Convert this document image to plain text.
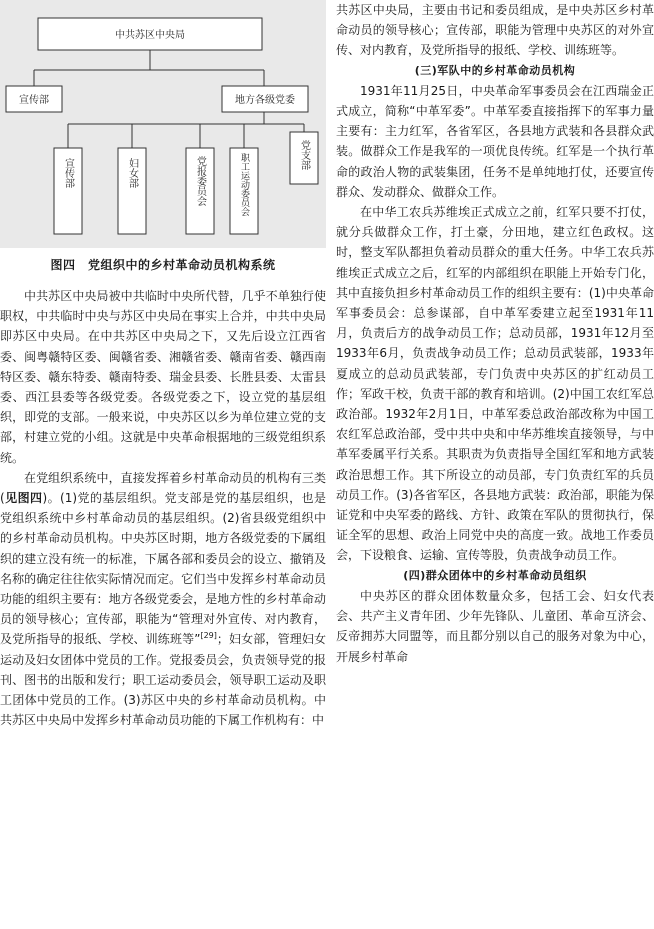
中共苏区中央局
宣传部	地方各级党委
宣传部	妇女部	党报委员会	职工运动委员会	党支部
图四　党组织中的乡村革命动员机构系统

中共苏区中央局被中共临时中央所代替，几乎不单独行使职权，中共临时中央与苏区中央局在事实上合并，中共中央局即苏区中央局。在中共苏区中央局之下，又先后设立江西省委、闽粤赣特区委、闽赣省委、湘赣省委、赣南省委、赣西南特区委、赣东特委、赣南特委、瑞金县委、长胜县委、太雷县委、西江县委等各级党委。各级党委之下，设立党的基层组织，即党的支部。一般来说，中央苏区以乡为单位建立党的支部，村建立党的小组。这就是中央革命根据地的三级党组织系统。

在党组织系统中，直接发挥着乡村革命动员的机构有三类(见图四)。(1)党的基层组织。党支部是党的基层组织，也是党组织系统中乡村革命动员的基层组织。(2)省县级党组织中的乡村革命动员机构。中央苏区时期，地方各级党委的下属组织的建立没有统一的标准，下属各部和委员会的设立、撤销及名称的确定往往依实际情况而定。它们当中发挥乡村革命动员功能的组织主要有：地方各级党委会，是地方性的乡村革命动员的领导核心；宣传部，职能为“管理对外宣传、对内教育，及党所指导的报纸、学校、训练班等”[29]；妇女部，管理妇女运动及妇女团体中党员的工作。党报委员会，负责领导党的报刊、图书的出版和发行；职工运动委员会，领导职工运动及职工团体中党员的工作。(3)苏区中央的乡村革命动员机构。中共苏区中央局中发挥乡村革命动员功能的下属工作机构有：中

共苏区中央局，主要由书记和委员组成，是中央苏区乡村革命动员的领导核心；宣传部，职能为管理中央苏区的对外宣传、对内教育，及党所指导的报纸、学校、训练班等。

(三)军队中的乡村革命动员机构

1931年11月25日，中央革命军事委员会在江西瑞金正式成立，简称“中革军委”。中革军委直接指挥下的军事力量主要有：主力红军，各省军区，各县地方武装和各县群众武装。做群众工作是我军的一项优良传统。红军是一个执行革命的政治人物的武装集团，任务不是单纯地打仗，还要宣传群众、发动群众、做群众工作。

在中华工农兵苏维埃正式成立之前，红军只要不打仗，就分兵做群众工作，打土豪，分田地，建立红色政权。这时，整支军队都担负着动员群众的重大任务。中华工农兵苏维埃正式成立之后，红军的内部组织在职能上开始专门化，其中直接负担乡村革命动员工作的组织主要有：(1)中央革命军事委员会：总参谋部，自中革军委建立起至1931年11月，负责后方的战争动员工作；总动员部，1931年12月至1933年6月，负责战争动员工作；总动员武装部，1933年夏成立的总动员武装部，专门负责中央苏区的扩红动员工作；军政干校，负责干部的教育和培训。(2)中国工农红军总政治部。1932年2月1日，中革军委总政治部改称为中国工农红军总政治部，受中共中央和中华苏维埃直接领导，与中革军委属平行关系。其职责为负责指导全国红军和地方武装政治思想工作。其下所设立的动员部，专门负责红军的兵员动员工作。(3)各省军区，各县地方武装：政治部，职能为保证党和中央军委的路线、方针、政策在军队的贯彻执行，保证全军的思想、政治上同党中央的高度一致。战地工作委员会，下设粮食、运输、宣传等股，负责战争动员工作。

(四)群众团体中的乡村革命动员组织

中央苏区的群众团体数量众多，包括工会、妇女代表会、共产主义青年团、少年先锋队、儿童团、革命互济会、反帝拥苏大同盟等，而且都分别以自己的服务对象为中心，开展乡村革命
